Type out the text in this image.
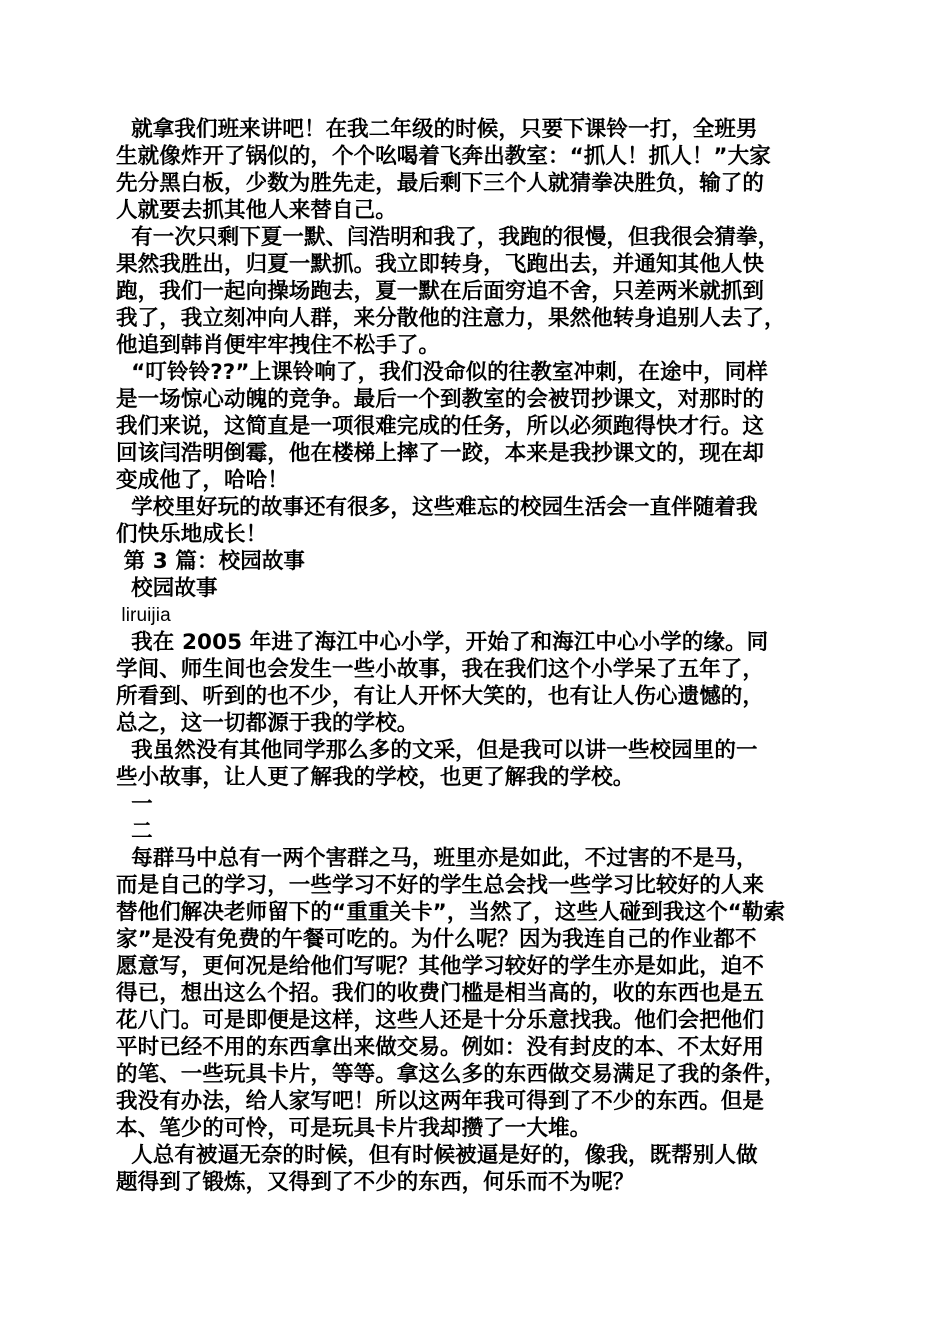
就拿我们班来讲吧！在我二年级的时候，只要下课铃一打，全班男
生就像炸开了锅似的，个个吆喝着飞奔出教室：“抓人！抓人！”大家
先分黑白板，少数为胜先走，最后剩下三个人就猜拳决胜负，输了的
人就要去抓其他人来替自己。
有一次只剩下夏一默、闫浩明和我了，我跑的很慢，但我很会猜拳，
果然我胜出，归夏一默抓。我立即转身，飞跑出去，并通知其他人快
跑，我们一起向操场跑去，夏一默在后面穷追不舍，只差两米就抓到
我了，我立刻冲向人群，来分散他的注意力，果然他转身追别人去了，
他追到韩肖便牢牢拽住不松手了。
“叮铃铃??”上课铃响了，我们没命似的往教室冲刺，在途中，同样
是一场惊心动魄的竞争。最后一个到教室的会被罚抄课文，对那时的
我们来说，这简直是一项很难完成的任务，所以必须跑得快才行。这
回该闫浩明倒霉，他在楼梯上摔了一跤，本来是我抄课文的，现在却
变成他了，哈哈！
学校里好玩的故事还有很多，这些难忘的校园生活会一直伴随着我
们快乐地成长！
第 3 篇：校园故事
校园故事
liruijia
我在 2005 年进了海江中心小学，开始了和海江中心小学的缘。同
学间、师生间也会发生一些小故事，我在我们这个小学呆了五年了，
所看到、听到的也不少，有让人开怀大笑的，也有让人伤心遗憾的，
总之，这一切都源于我的学校。
我虽然没有其他同学那么多的文采，但是我可以讲一些校园里的一
些小故事，让人更了解我的学校，也更了解我的学校。
一
二
每群马中总有一两个害群之马，班里亦是如此，不过害的不是马，
而是自己的学习，一些学习不好的学生总会找一些学习比较好的人来
替他们解决老师留下的“重重关卡”，当然了，这些人碰到我这个“勒索
家”是没有免费的午餐可吃的。为什么呢？因为我连自己的作业都不
愿意写，更何况是给他们写呢？其他学习较好的学生亦是如此，迫不
得已，想出这么个招。我们的收费门槛是相当高的，收的东西也是五
花八门。可是即便是这样，这些人还是十分乐意找我。他们会把他们
平时已经不用的东西拿出来做交易。例如：没有封皮的本、不太好用
的笔、一些玩具卡片，等等。拿这么多的东西做交易满足了我的条件，
我没有办法，给人家写吧！所以这两年我可得到了不少的东西。但是
本、笔少的可怜，可是玩具卡片我却攒了一大堆。
人总有被逼无奈的时候，但有时候被逼是好的，像我，既帮别人做
题得到了锻炼，又得到了不少的东西，何乐而不为呢？
